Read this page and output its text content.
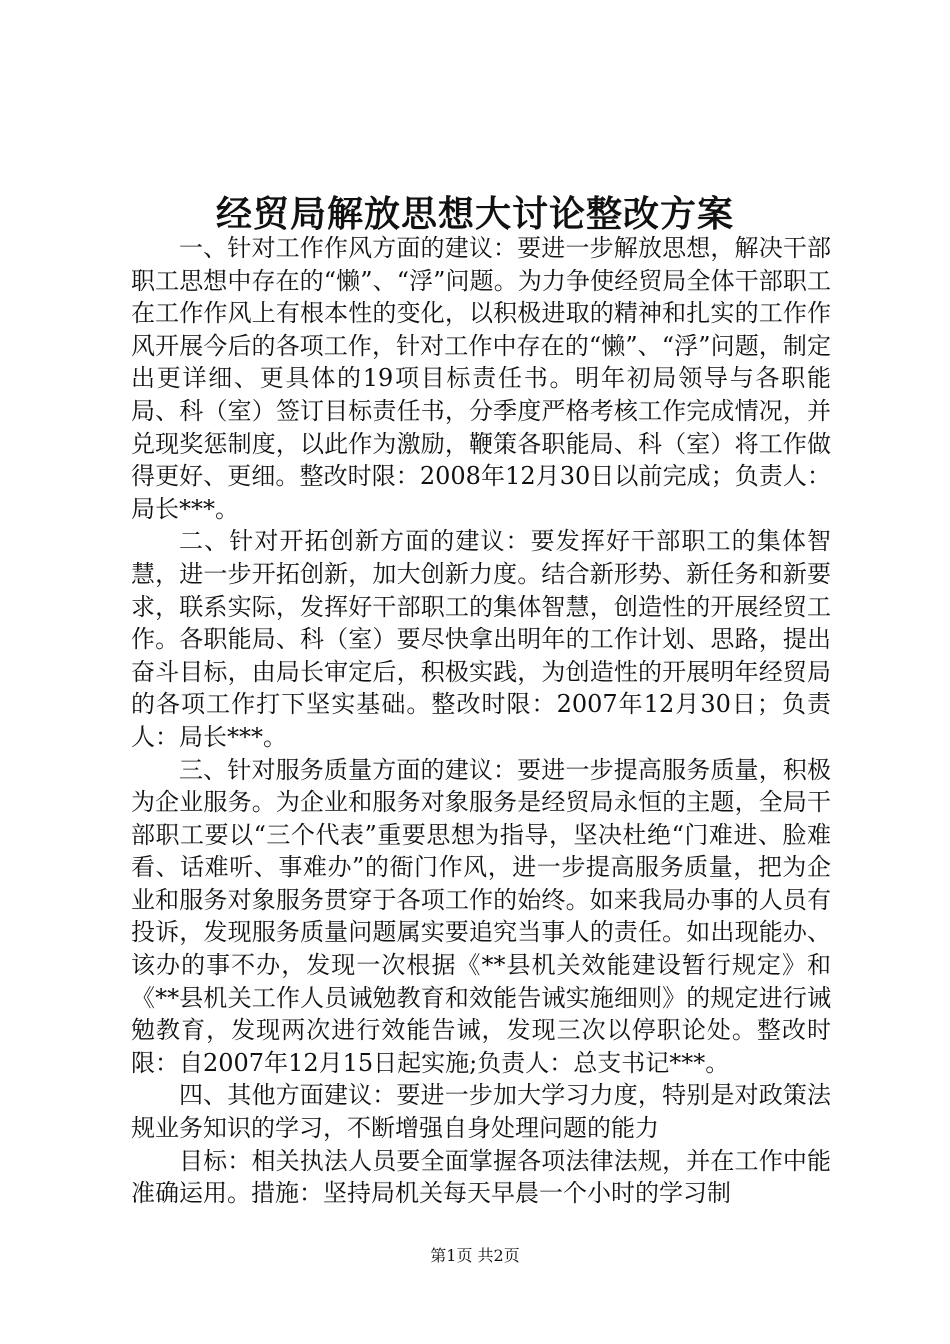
经贸局解放思想大讨论整改方案

一、针对工作作风方面的建议：要进一步解放思想，解决干部职工思想中存在的“懒”、“浮”问题。为力争使经贸局全体干部职工在工作作风上有根本性的变化，以积极进取的精神和扎实的工作作风开展今后的各项工作，针对工作中存在的“懒”、“浮”问题，制定出更详细、更具体的19项目标责任书。明年初局领导与各职能局、科（室）签订目标责任书，分季度严格考核工作完成情况，并兑现奖惩制度，以此作为激励，鞭策各职能局、科（室）将工作做得更好、更细。整改时限：2008年12月30日以前完成；负责人：局长***。

二、针对开拓创新方面的建议：要发挥好干部职工的集体智慧，进一步开拓创新，加大创新力度。结合新形势、新任务和新要求，联系实际，发挥好干部职工的集体智慧，创造性的开展经贸工作。各职能局、科（室）要尽快拿出明年的工作计划、思路，提出奋斗目标，由局长审定后，积极实践，为创造性的开展明年经贸局的各项工作打下坚实基础。整改时限：2007年12月30日；负责人：局长***。

三、针对服务质量方面的建议：要进一步提高服务质量，积极为企业服务。为企业和服务对象服务是经贸局永恒的主题，全局干部职工要以“三个代表”重要思想为指导，坚决杜绝“门难进、脸难看、话难听、事难办”的衙门作风，进一步提高服务质量，把为企业和服务对象服务贯穿于各项工作的始终。如来我局办事的人员有投诉，发现服务质量问题属实要追究当事人的责任。如出现能办、该办的事不办，发现一次根据《**县机关效能建设暂行规定》和《**县机关工作人员诫勉教育和效能告诫实施细则》的规定进行诫勉教育，发现两次进行效能告诫，发现三次以停职论处。整改时限：自2007年12月15日起实施;负责人：总支书记***。

四、其他方面建议：要进一步加大学习力度，特别是对政策法规业务知识的学习，不断增强自身处理问题的能力

目标：相关执法人员要全面掌握各项法律法规，并在工作中能准确运用。措施：坚持局机关每天早晨一个小时的学习制

第1页 共2页
